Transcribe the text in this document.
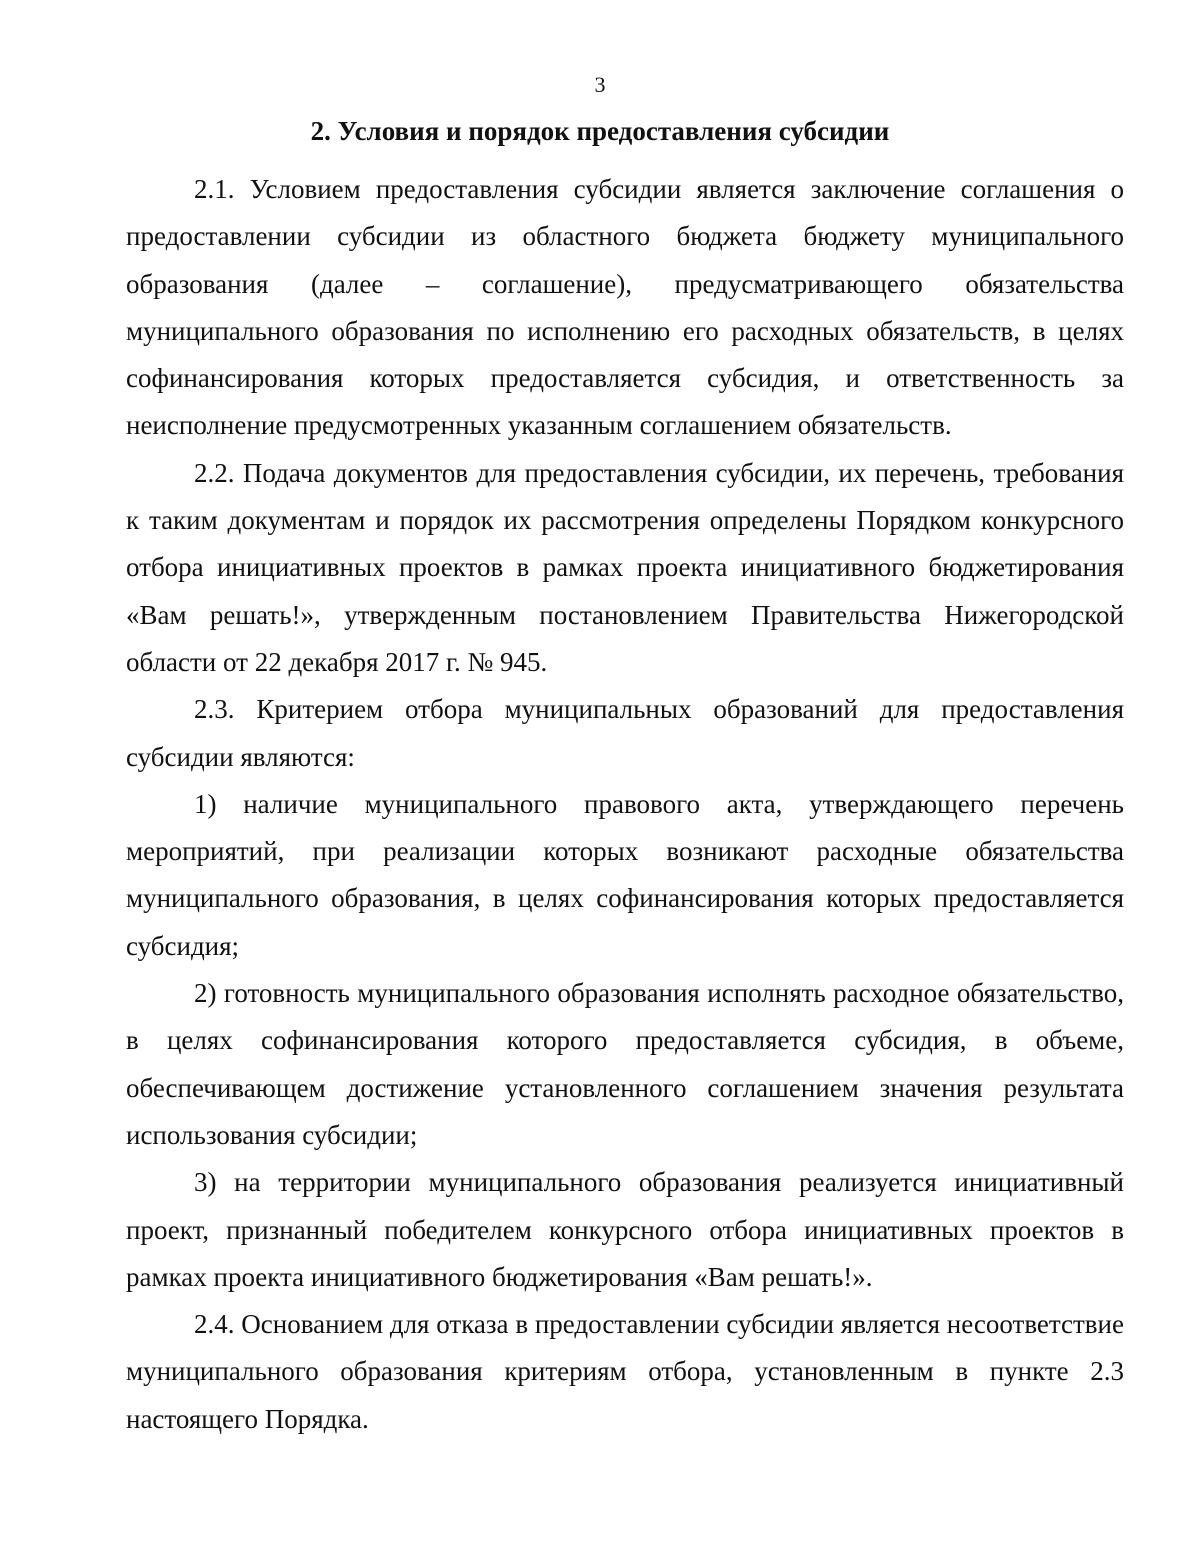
3
2. Условия и порядок предоставления субсидии

2.1. Условием предоставления субсидии является заключение соглашения о предоставлении субсидии из областного бюджета бюджету муниципального образования (далее – соглашение), предусматривающего обязательства муниципального образования по исполнению его расходных обязательств, в целях софинансирования которых предоставляется субсидия, и ответственность за неисполнение предусмотренных указанным соглашением обязательств.

2.2. Подача документов для предоставления субсидии, их перечень, требования к таким документам и порядок их рассмотрения определены Порядком конкурсного отбора инициативных проектов в рамках проекта инициативного бюджетирования «Вам решать!», утвержденным постановлением Правительства Нижегородской области от 22 декабря 2017 г. № 945.

2.3. Критерием отбора муниципальных образований для предоставления субсидии являются:

1) наличие муниципального правового акта, утверждающего перечень мероприятий, при реализации которых возникают расходные обязательства муниципального образования, в целях софинансирования которых предоставляется субсидия;

2) готовность муниципального образования исполнять расходное обязательство, в целях софинансирования которого предоставляется субсидия, в объеме, обеспечивающем достижение установленного соглашением значения результата использования субсидии;

3) на территории муниципального образования реализуется инициативный проект, признанный победителем конкурсного отбора инициативных проектов в рамках проекта инициативного бюджетирования «Вам решать!».

2.4. Основанием для отказа в предоставлении субсидии является несоответствие муниципального образования критериям отбора, установленным в пункте 2.3 настоящего Порядка.
